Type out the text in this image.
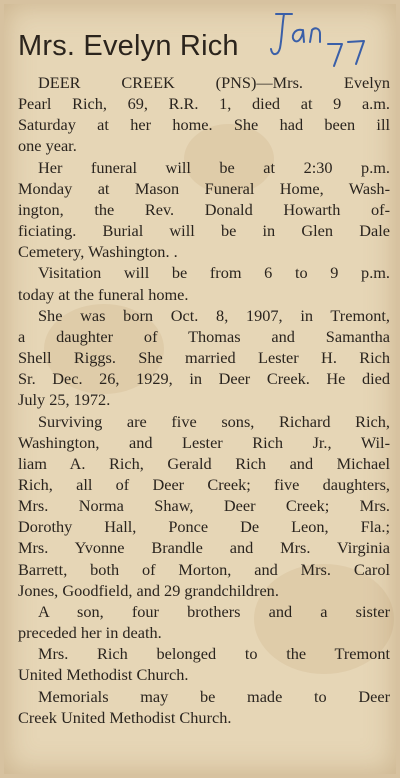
Mrs. Evelyn Rich
DEER CREEK (PNS)—Mrs. Evelyn
Pearl Rich, 69, R.R. 1, died at 9 a.m.
Saturday at her home. She had been ill
one year.
Her funeral will be at 2:30 p.m.
Monday at Mason Funeral Home, Wash-
ington, the Rev. Donald Howarth of-
ficiating. Burial will be in Glen Dale
Cemetery, Washington. .
Visitation will be from 6 to 9 p.m.
today at the funeral home.
She was born Oct. 8, 1907, in Tremont,
a daughter of Thomas and Samantha
Shell Riggs. She married Lester H. Rich
Sr. Dec. 26, 1929, in Deer Creek. He died
July 25, 1972.
Surviving are five sons, Richard Rich,
Washington, and Lester Rich Jr., Wil-
liam A. Rich, Gerald Rich and Michael
Rich, all of Deer Creek; five daughters,
Mrs. Norma Shaw, Deer Creek; Mrs.
Dorothy Hall, Ponce De Leon, Fla.;
Mrs. Yvonne Brandle and Mrs. Virginia
Barrett, both of Morton, and Mrs. Carol
Jones, Goodfield, and 29 grandchildren.
A son, four brothers and a sister
preceded her in death.
Mrs. Rich belonged to the Tremont
United Methodist Church.
Memorials may be made to Deer
Creek United Methodist Church.
